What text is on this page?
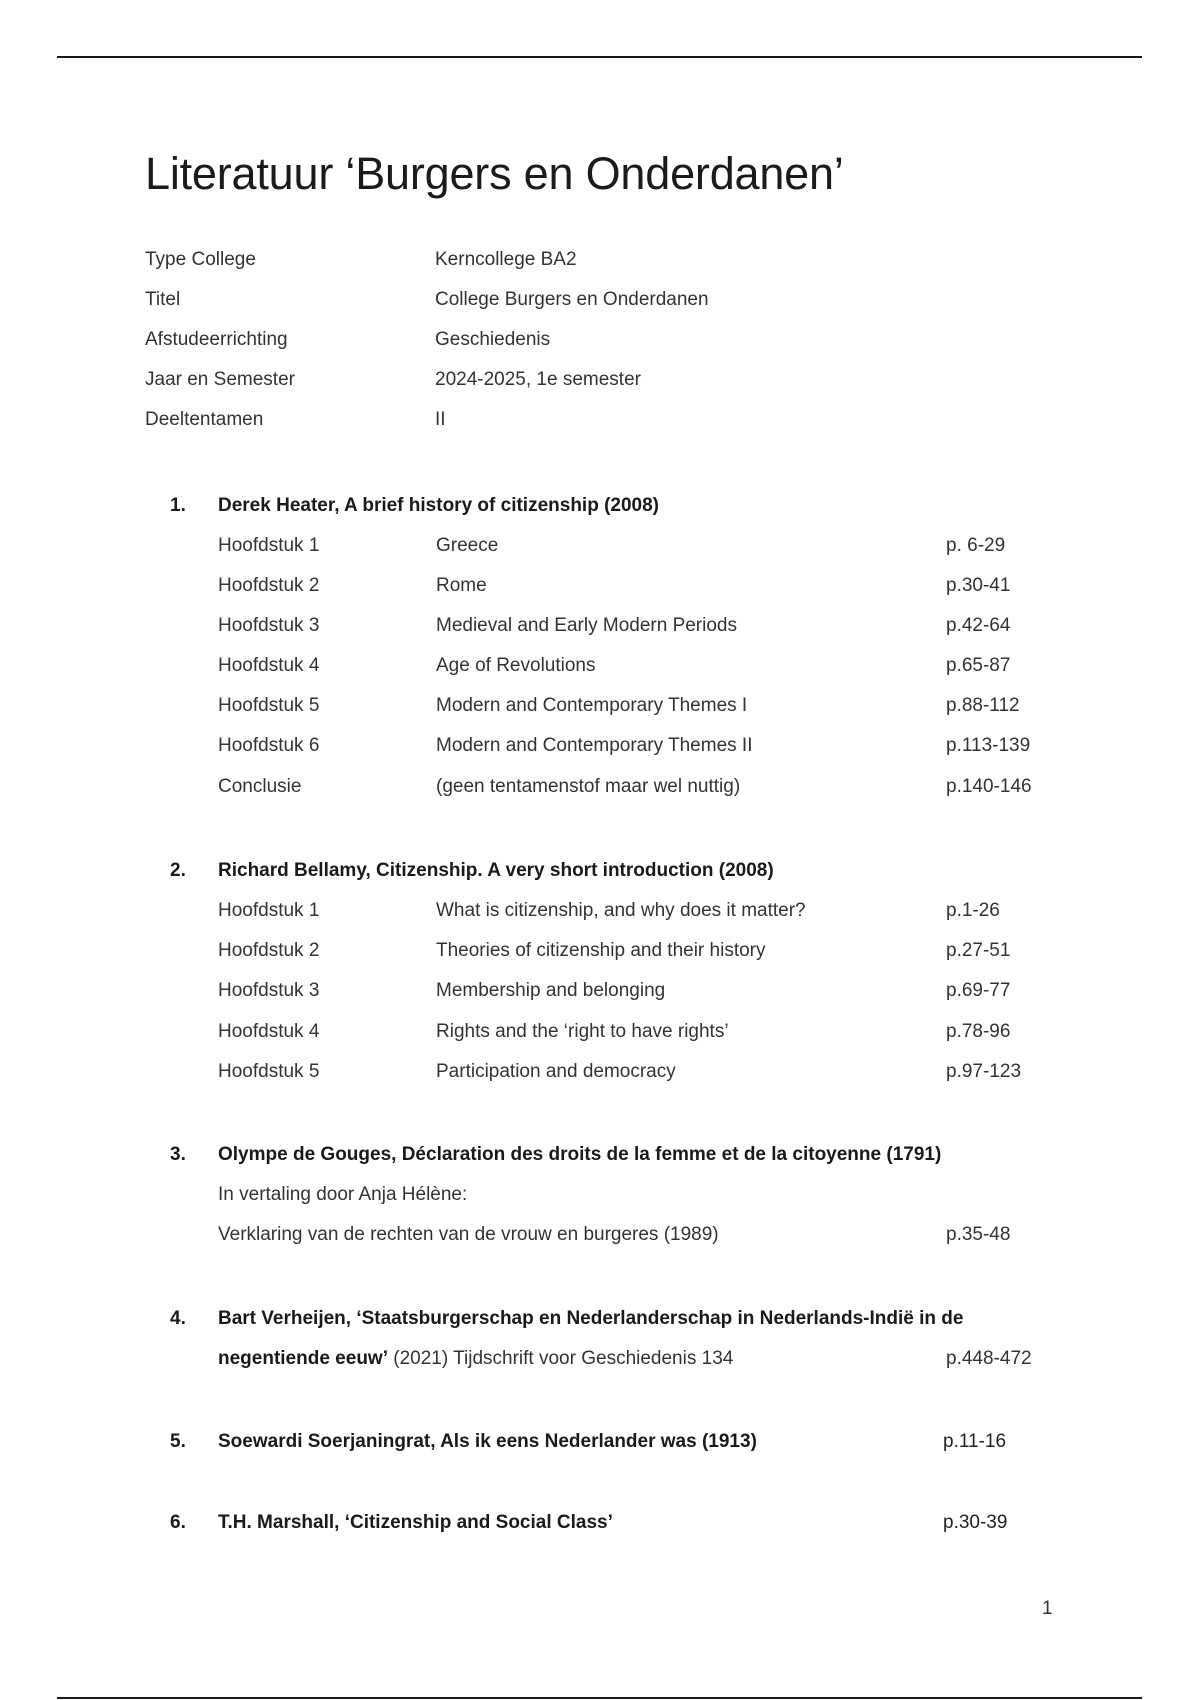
Literatuur ‘Burgers en Onderdanen’
Type College	Kerncollege BA2
Titel	College Burgers en Onderdanen
Afstudeerrichting	Geschiedenis
Jaar en Semester	2024-2025, 1e semester
Deeltentamen	II
1.	Derek Heater, A brief history of citizenship (2008)
Hoofdstuk 1	Greece	p. 6-29
Hoofdstuk 2	Rome	p.30-41
Hoofdstuk 3	Medieval and Early Modern Periods	p.42-64
Hoofdstuk 4	Age of Revolutions	p.65-87
Hoofdstuk 5	Modern and Contemporary Themes I	p.88-112
Hoofdstuk 6	Modern and Contemporary Themes II	p.113-139
Conclusie	(geen tentamenstof maar wel nuttig)	p.140-146
2.	Richard Bellamy, Citizenship. A very short introduction (2008)
Hoofdstuk 1	What is citizenship, and why does it matter?	p.1-26
Hoofdstuk 2	Theories of citizenship and their history	p.27-51
Hoofdstuk 3	Membership and belonging	p.69-77
Hoofdstuk 4	Rights and the ‘right to have rights’	p.78-96
Hoofdstuk 5	Participation and democracy	p.97-123
3.	Olympe de Gouges, Déclaration des droits de la femme et de la citoyenne (1791)
In vertaling door Anja Hélène:
Verklaring van de rechten van de vrouw en burgeres (1989)	p.35-48
4.	Bart Verheijen, ‘Staatsburgerschap en Nederlanderschap in Nederlands-Indië in de
negentiende eeuw’ (2021) Tijdschrift voor Geschiedenis 134	p.448-472
5.	Soewardi Soerjaningrat, Als ik eens Nederlander was (1913)	p.11-16
6.	T.H. Marshall, ‘Citizenship and Social Class’	p.30-39
1
